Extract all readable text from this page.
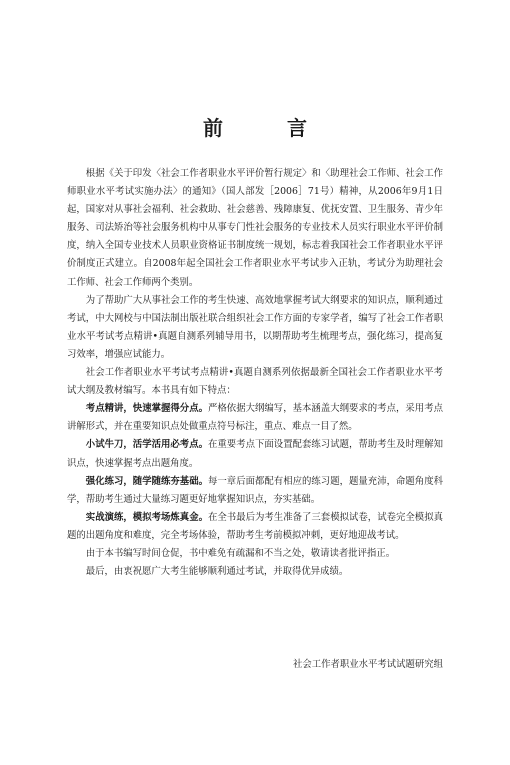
前　言

根据《关于印发〈社会工作者职业水平评价暂行规定〉和〈助理社会工作师、社会工作师职业水平考试实施办法〉的通知》（国人部发［2006］71号）精神，从2006年9月1日起，国家对从事社会福利、社会救助、社会慈善、残障康复、优抚安置、卫生服务、青少年服务、司法矫治等社会服务机构中从事专门性社会服务的专业技术人员实行职业水平评价制度，纳入全国专业技术人员职业资格证书制度统一规划，标志着我国社会工作者职业水平评价制度正式建立。自2008年起全国社会工作者职业水平考试步入正轨，考试分为助理社会工作师、社会工作师两个类别。

为了帮助广大从事社会工作的考生快速、高效地掌握考试大纲要求的知识点，顺利通过考试，中大网校与中国法制出版社联合组织社会工作方面的专家学者，编写了社会工作者职业水平考试考点精讲•真题自测系列辅导用书，以期帮助考生梳理考点，强化练习，提高复习效率，增强应试能力。

社会工作者职业水平考试考点精讲•真题自测系列依据最新全国社会工作者职业水平考试大纲及教材编写。本书具有如下特点：

考点精讲，快速掌握得分点。严格依据大纲编写，基本涵盖大纲要求的考点，采用考点讲解形式，并在重要知识点处做重点符号标注，重点、难点一目了然。

小试牛刀，活学活用必考点。在重要考点下面设置配套练习试题，帮助考生及时理解知识点，快速掌握考点出题角度。

强化练习，随学随练夯基础。每一章后面都配有相应的练习题，题量充沛，命题角度科学，帮助考生通过大量练习题更好地掌握知识点，夯实基础。

实战演练，模拟考场炼真金。在全书最后为考生准备了三套模拟试卷，试卷完全模拟真题的出题角度和难度，完全考场体验，帮助考生考前模拟冲刺，更好地迎战考试。

由于本书编写时间仓促，书中难免有疏漏和不当之处，敬请读者批评指正。

最后，由衷祝愿广大考生能够顺利通过考试，并取得优异成绩。

社会工作者职业水平考试试题研究组
